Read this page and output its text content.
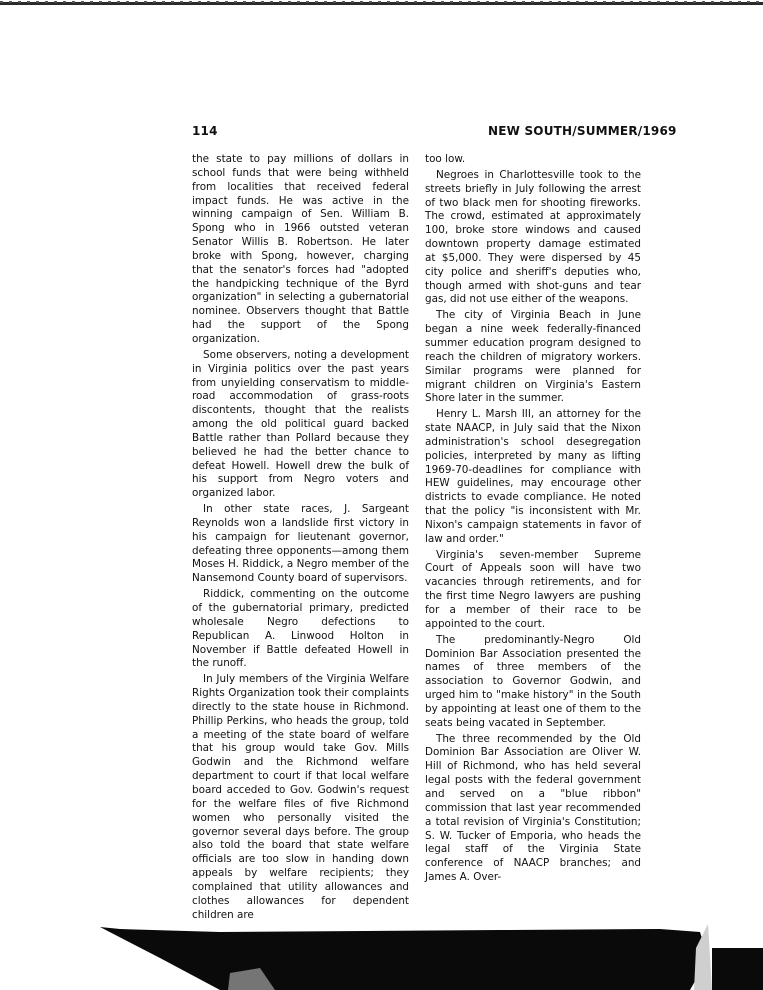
114	NEW SOUTH/SUMMER/1969

the state to pay millions of dollars in school funds that were being withheld from localities that received federal impact funds. He was active in the winning campaign of Sen. William B. Spong who in 1966 outsted veteran Senator Willis B. Robertson. He later broke with Spong, however, charging that the senator's forces had "adopted the handpicking technique of the Byrd organization" in selecting a gubernatorial nominee. Observers thought that Battle had the support of the Spong organization.

Some observers, noting a development in Virginia politics over the past years from unyielding conservatism to middle-road accommodation of grass-roots discontents, thought that the realists among the old political guard backed Battle rather than Pollard because they believed he had the better chance to defeat Howell. Howell drew the bulk of his support from Negro voters and organized labor.

In other state races, J. Sargeant Reynolds won a landslide first victory in his campaign for lieutenant governor, defeating three opponents—among them Moses H. Riddick, a Negro member of the Nansemond County board of supervisors.

Riddick, commenting on the outcome of the gubernatorial primary, predicted wholesale Negro defections to Republican A. Linwood Holton in November if Battle defeated Howell in the runoff.

In July members of the Virginia Welfare Rights Organization took their complaints directly to the state house in Richmond. Phillip Perkins, who heads the group, told a meeting of the state board of welfare that his group would take Gov. Mills Godwin and the Richmond welfare department to court if that local welfare board acceded to Gov. Godwin's request for the welfare files of five Richmond women who personally visited the governor several days before. The group also told the board that state welfare officials are too slow in handing down appeals by welfare recipients; they complained that utility allowances and clothes allowances for dependent children are

too low.

Negroes in Charlottesville took to the streets briefly in July following the arrest of two black men for shooting fireworks. The crowd, estimated at approximately 100, broke store windows and caused downtown property damage estimated at $5,000. They were dispersed by 45 city police and sheriff's deputies who, though armed with shot-guns and tear gas, did not use either of the weapons.

The city of Virginia Beach in June began a nine week federally-financed summer education program designed to reach the children of migratory workers. Similar programs were planned for migrant children on Virginia's Eastern Shore later in the summer.

Henry L. Marsh III, an attorney for the state NAACP, in July said that the Nixon administration's school desegregation policies, interpreted by many as lifting 1969-70-deadlines for compliance with HEW guidelines, may encourage other districts to evade compliance. He noted that the policy "is inconsistent with Mr. Nixon's campaign statements in favor of law and order."

Virginia's seven-member Supreme Court of Appeals soon will have two vacancies through retirements, and for the first time Negro lawyers are pushing for a member of their race to be appointed to the court.

The predominantly-Negro Old Dominion Bar Association presented the names of three members of the association to Governor Godwin, and urged him to "make history" in the South by appointing at least one of them to the seats being vacated in September.

The three recommended by the Old Dominion Bar Association are Oliver W. Hill of Richmond, who has held several legal posts with the federal government and served on a "blue ribbon" commission that last year recommended a total revision of Virginia's Constitution; S. W. Tucker of Emporia, who heads the legal staff of the Virginia State conference of NAACP branches; and James A. Over-
